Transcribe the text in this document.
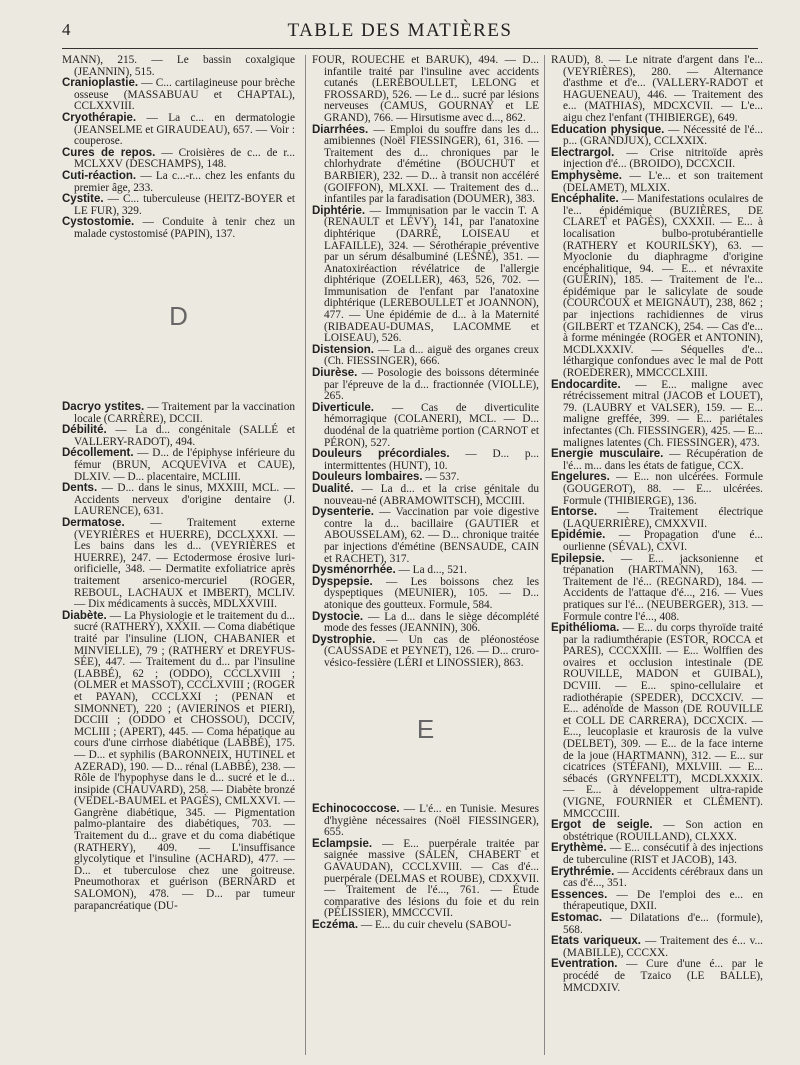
4	TABLE DES MATIÈRES
MANN), 215. — Le bassin coxalgique (JEANNIN), 515.
Cranioplastie. — C... cartilagineuse pour brèche osseuse (MASSABUAU et CHAPTAL), CCLXXVIII.
Cryothérapie. — La c... en dermatologie (JEANSELME et GIRAUDEAU), 657. — Voir : couperose.
Cures de repos. — Croisières de c... de r... MCLXXV (DESCHAMPS), 148.
Cuti-réaction. — La c...-r... chez les enfants du premier âge, 233.
Cystite. — C... tuberculeuse (HEITZ-BOYER et LE FUR), 329.
Cystostomie. — Conduite à tenir chez un malade cystostomisé (PAPIN), 137.
D
Dacryo ystites. — Traitement par la vaccination locale (CARRÈRE), DCCII.
Débilité. — La d... congénitale (SALLÉ et VALLERY-RADOT), 494.
Décollement. — D... de l'épiphyse inférieure du fémur (BRUN, ACQUEVIVA et CAUE), DLXIV. — D... placentaire, MCLIII.
Dents. — D... dans le sinus, MXXIII, MCL. — Accidents nerveux d'origine dentaire (J. LAURENCE), 631.
Dermatose. — Traitement externe (VEYRIÈRES et HUERRE), DCCLXXXI. — Les bains dans les d... (VEYRIÈRES et HUERRE), 247. — Ectodermose érosive luri-orificielle, 348. — Dermatite exfoliatrice après traitement arsenico-mercuriel (ROGER, REBOUL, LACHAUX et IMBERT), MCLIV. — Dix médicaments à succès, MDLXXVIII.
Diabète. — La Physiologie et le traitement du d... sucré (RATHERY), XXXII. — Coma diabétique traité par l'insuline (LION, CHABANIER et MINVIELLE), 79 ; (RATHERY et DREYFUS-SÉE), 447. — Traitement du d... par l'insuline (LABBÉ), 62 ; (ODDO), CCCLXVIII ; (OLMER et MASSOT), CCCLXVIII ; (ROGER et PAYAN), CCCLXXI ; (PENAN et SIMONNET), 220 ; (AVIERINOS et PIERI), DCCIII ; (ODDO et CHOSSOU), DCCIV, MCLIII ; (APERT), 445. — Coma hépatique au cours d'une cirrhose diabétique (LABBÉ), 175. — D... et syphilis (BARONNEIX, HUTINEL et AZERAD), 190. — D... rénal (LABBÉ), 238. — Rôle de l'hypophyse dans le d... sucré et le d... insipide (CHAUVARD), 258. — Diabète bronzé (VEDEL-BAUMEL et PAGÈS), CMLXXVI. — Gangrène diabétique, 345. — Pigmentation palmo-plantaire des diabétiques, 703. — Traitement du d... grave et du coma diabétique (RATHERY), 409. — L'insuffisance glycolytique et l'insuline (ACHARD), 477. — D... et tuberculose chez une goitreuse. Pneumothorax et guérison (BERNARD et SALOMON), 478. — D... par tumeur parapancréatique (DU-
FOUR, ROUÈCHE et BARUK), 494. — D... infantile traité par l'insuline avec accidents cutanés (LEREBOULLET, LELONG et FROSSARD), 526. — Le d... sucré par lésions nerveuses (CAMUS, GOURNAY et LE GRAND), 766. — Hirsutisme avec d..., 862.
Diarrhées. — Emploi du souffre dans les d... amibiennes (Noël FIESSINGER), 61, 316. — Traitement des d... chroniques par le chlorhydrate d'émétine (BOUCHUT et BARBIER), 232. — D... à transit non accéléré (GOIFFON), MLXXI. — Traitement des d... infantiles par la faradisation (DOUMER), 383.
Diphtérie. — Immunisation par le vaccin T. A (RENAULT et LÉVY), 141, par l'anatoxine diphtérique (DARRÉ, LOISEAU et LAFAILLE), 324. — Sérothérapie préventive par un sérum désalbuminé (LESNÉ), 351. — Anatoxiréaction révélatrice de l'allergie diphtérique (ZOELLER), 463, 526, 702. — Immunisation de l'enfant par l'anatoxine diphtérique (LEREBOULLET et JOANNON), 477. — Une épidémie de d... à la Maternité (RIBADEAU-DUMAS, LACOMME et LOISEAU), 526.
Distension. — La d... aiguë des organes creux (Ch. FIESSINGER), 666.
Diurèse. — Posologie des boissons déterminée par l'épreuve de la d... fractionnée (VIOLLE), 265.
Diverticule. — Cas de diverticulite hémorragique (COLANERI), MCL. — D... duodénal de la quatrième portion (CARNOT et PÉRON), 527.
Douleurs précordiales. — D... p... intermittentes (HUNT), 10.
Douleurs lombaires. — 537.
Dualité. — La d... et la crise génitale du nouveau-né (ABRAMOWITSCH), MCCIII.
Dysenterie. — Vaccination par voie digestive contre la d... bacillaire (GAUTIER et ABOUSSELAM), 62. — D... chronique traitée par injections d'émétine (BENSAUDE, CAIN et RACHET), 317.
Dysménorrhée. — La d..., 521.
Dyspepsie. — Les boissons chez les dyspeptiques (MEUNIER), 105. — D... atonique des goutteux. Formule, 584.
Dystocie. — La d... dans le siège décomplété mode des fesses (JEANNIN), 306.
Dystrophie. — Un cas de pléonostéose (CAUSSADE et PEYNET), 126. — D... cruro-vésico-fessière (LÉRI et LINOSSIER), 863.
E
Echinococcose. — L'é... en Tunisie. Mesures d'hygiène nécessaires (Noël FIESSINGER), 655.
Eclampsie. — E... puerpérale traitée par saignée massive (SALEN, CHABERT et GAVAUDAN), CCCLXVIII. — Cas d'é... puerpérale (DELMAS et ROUBE), CDXXVII. — Traitement de l'é..., 761. — Étude comparative des lésions du foie et du rein (PÉLISSIER), MMCCCVII.
Eczéma. — E... du cuir chevelu (SABOU-
RAUD), 8. — Le nitrate d'argent dans l'e... (VEYRIÈRES), 280. — Alternance d'asthme et d'e... (VALLERY-RADOT et HAGUENEAU), 446. — Traitement des e... (MATHIAS), MDCXCVII. — L'e... aigu chez l'enfant (THIBIERGE), 649.
Education physique. — Nécessité de l'é... p... (GRANDJUX), CCLXXIX.
Electrargol. — Crise nitritoïde après injection d'é... (BROIDO), DCCXCII.
Emphysème. — L'e... et son traitement (DELAMET), MLXIX.
Encéphalite. — Manifestations oculaires de l'e... épidémique (BUZIÈRES, DE CLARET et PAGÈS), CXXXII. — E... à localisation bulbo-protubérantielle (RATHERY et KOURILSKY), 63. — Myoclonie du diaphragme d'origine encéphalitique, 94. — E... et névraxite (GUÉRIN), 185. — Traitement de l'e... épidémique par le salicylate de soude (COURCOUX et MEIGNAUT), 238, 862 ; par injections rachidiennes de virus (GILBERT et TZANCK), 254. — Cas d'e... à forme méningée (ROGER et ANTONIN), MCDLXXXIV. — Séquelles d'e... léthargique confondues avec le mal de Pott (ROEDERER), MMCCCLXIII.
Endocardite. — E... maligne avec rétrécissement mitral (JACOB et LOUET), 79. (LAUBRY et VALSER), 159. — E... maligne greffée, 399. — E... pariétales infectantes (Ch. FIESSINGER), 425. — E... malignes latentes (Ch. FIESSINGER), 473.
Energie musculaire. — Récupération de l'é... m... dans les états de fatigue, CCX.
Engelures. — E... non ulcérées. Formule (GOUGEROT), 88. — E... ulcérées. Formule (THIBIERGE), 136.
Entorse. — Traitement électrique (LAQUERRIÈRE), CMXXVII.
Epidémie. — Propagation d'une é... ourlienne (SÉVAL), CXVI.
Epilepsie. — E... jacksonienne et trépanation (HARTMANN), 163. — Traitement de l'é... (REGNARD), 184. — Accidents de l'attaque d'é..., 216. — Vues pratiques sur l'é... (NEUBERGER), 313. — Formule contre l'é..., 408.
Epithélioma. — E... du corps thyroïde traité par la radiumthérapie (ESTOR, ROCCA et PARES), CCCXXIII. — E... Wolffien des ovaires et occlusion intestinale (DE ROUVILLE, MADON et GUIBAL), DCVIII. — E... spino-cellulaire et radiothérapie (SPEDER), DCCXCIV. — E... adénoïde de Masson (DE ROUVILLE et COLL DE CARRERA), DCCXCIX. — E..., leucoplasie et kraurosis de la vulve (DELBET), 309. — E... de la face interne de la joue (HARTMANN), 312. — E... sur cicatrices (STÉFANI), MXLVIII. — E... sébacés (GRYNFELTT), MCDLXXXIX. — E... à développement ultra-rapide (VIGNE, FOURNIER et CLÉMENT). MMCCCIII.
Ergot de seigle. — Son action en obstétrique (ROUILLAND), CLXXX.
Erythème. — E... consécutif à des injections de tuberculine (RIST et JACOB), 143.
Erythrémie. — Accidents cérébraux dans un cas d'é..., 351.
Essences. — De l'emploi des e... en thérapeutique, DXII.
Estomac. — Dilatations d'e... (formule), 568.
Etats variqueux. — Traitement des é... v... (MABILLE), CCCXX.
Eventration. — Cure d'une é... par le procédé de Tzaico (LE BALLE), MMCDXIV.
